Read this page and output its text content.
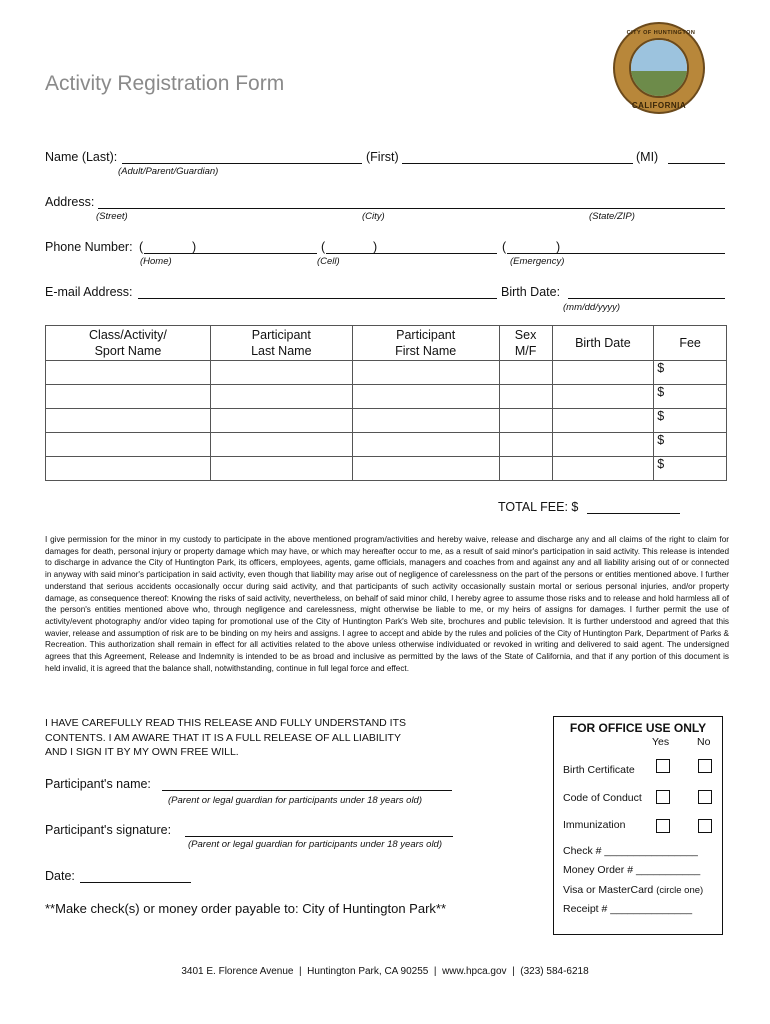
Activity Registration Form
CITY OF HUNTINGTON
CALIFORNIA
Name (Last):	(First)	(MI)
(Adult/Parent/Guardian)
Address:
(Street)	(City)	(State/ZIP)
Phone Number: (	)	(	)	(	)
(Home)	(Cell)	(Emergency)
E-mail Address:	Birth Date:
(mm/dd/yyyy)
Class/Activity/ Sport Name	Participant Last Name	Participant First Name	Sex M/F	Birth Date	Fee
					$
					$
					$
					$
					$
TOTAL FEE: $
I give permission for the minor in my custody to participate in the above mentioned program/activities and hereby waive, release and discharge any and all claims of the right to claim for damages for death, personal injury or property damage which may have, or which may hereafter occur to me, as a result of said minor's participation in said activity. This release is intended to discharge in advance the City of Huntington Park, its officers, employees, agents, game officials, managers and coaches from and against any and all liability arising out of or connected in anyway with said minor's participation in said activity, even though that liability may arise out of negligence of carelessness on the part of the persons or entities mentioned above. I further understand that serious accidents occasionally occur during said activity, and that participants of such activity occasionally sustain mortal or serious personal injuries, and/or property damage, as consequence thereof: Knowing the risks of said activity, nevertheless, on behalf of said minor child, I hereby agree to assume those risks and to release and hold harmless all of the person's entities mentioned above who, through negligence and carelessness, might otherwise be liable to me, or my heirs of assigns for damages. I further permit the use of activity/event photography and/or video taping for promotional use of the City of Huntington Park's Web site, brochures and public television. It is further understood and agreed that this wavier, release and assumption of risk are to be binding on my heirs and assigns. I agree to accept and abide by the rules and policies of the City of Huntington Park, Department of Parks & Recreation. This authorization shall remain in effect for all activities related to the above unless otherwise individuated or revoked in writing and delivered to said agent. The undersigned agrees that this Agreement, Release and Indemnity is intended to be as broad and inclusive as permitted by the laws of the State of California, and that if any portion of this document is held invalid, it is agreed that the balance shall, notwithstanding, continue in full legal force and effect.
I HAVE CAREFULLY READ THIS RELEASE AND FULLY UNDERSTAND ITS
CONTENTS. I AM AWARE THAT IT IS A FULL RELEASE OF ALL LIABILITY
AND I SIGN IT BY MY OWN FREE WILL.
Participant's name:
(Parent or legal guardian for participants under 18 years old)
Participant's signature:
(Parent or legal guardian for participants under 18 years old)
Date:
**Make check(s) or money order payable to: City of Huntington Park**
FOR OFFICE USE ONLY
Yes	No
Birth Certificate
Code of Conduct
Immunization
Check # ________________
Money Order # ___________
Visa or MasterCard (circle one)
Receipt # ______________
3401 E. Florence Avenue  |  Huntington Park, CA 90255  |  www.hpca.gov  |  (323) 584-6218
